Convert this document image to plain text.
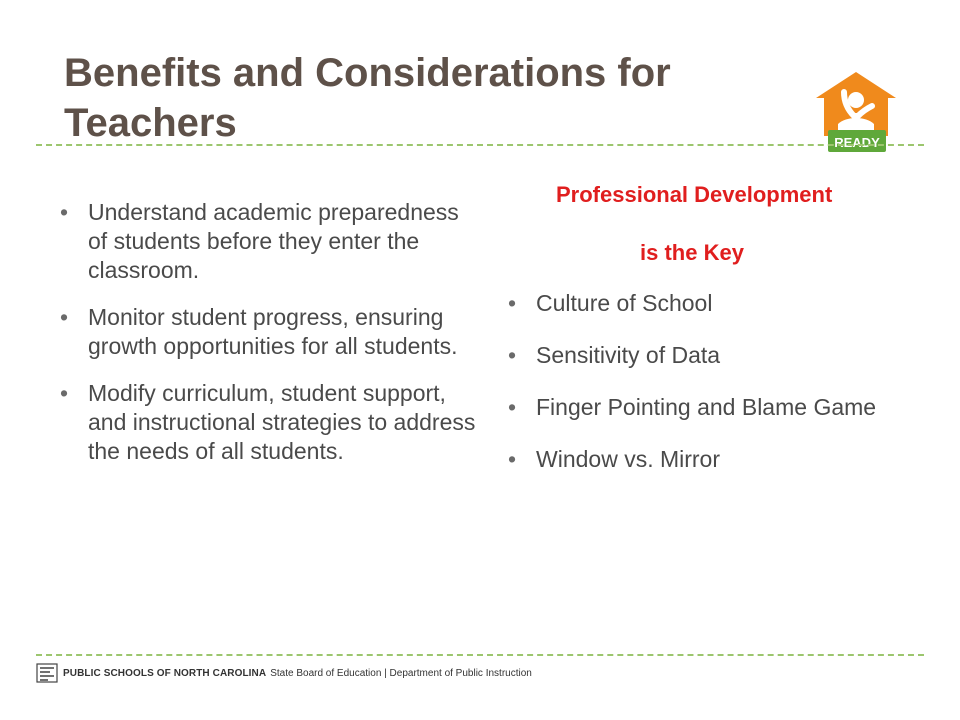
Benefits and Considerations for Teachers	READY
• Understand academic preparedness of students before they enter the classroom.
• Monitor student progress, ensuring growth opportunities for all students.
• Modify curriculum, student support, and instructional strategies to address the needs of all students.
Professional Development
is the Key
• Culture of School
• Sensitivity of Data
• Finger Pointing and Blame Game
• Window vs. Mirror
PUBLIC SCHOOLS OF NORTH CAROLINA State Board of Education | Department of Public Instruction
